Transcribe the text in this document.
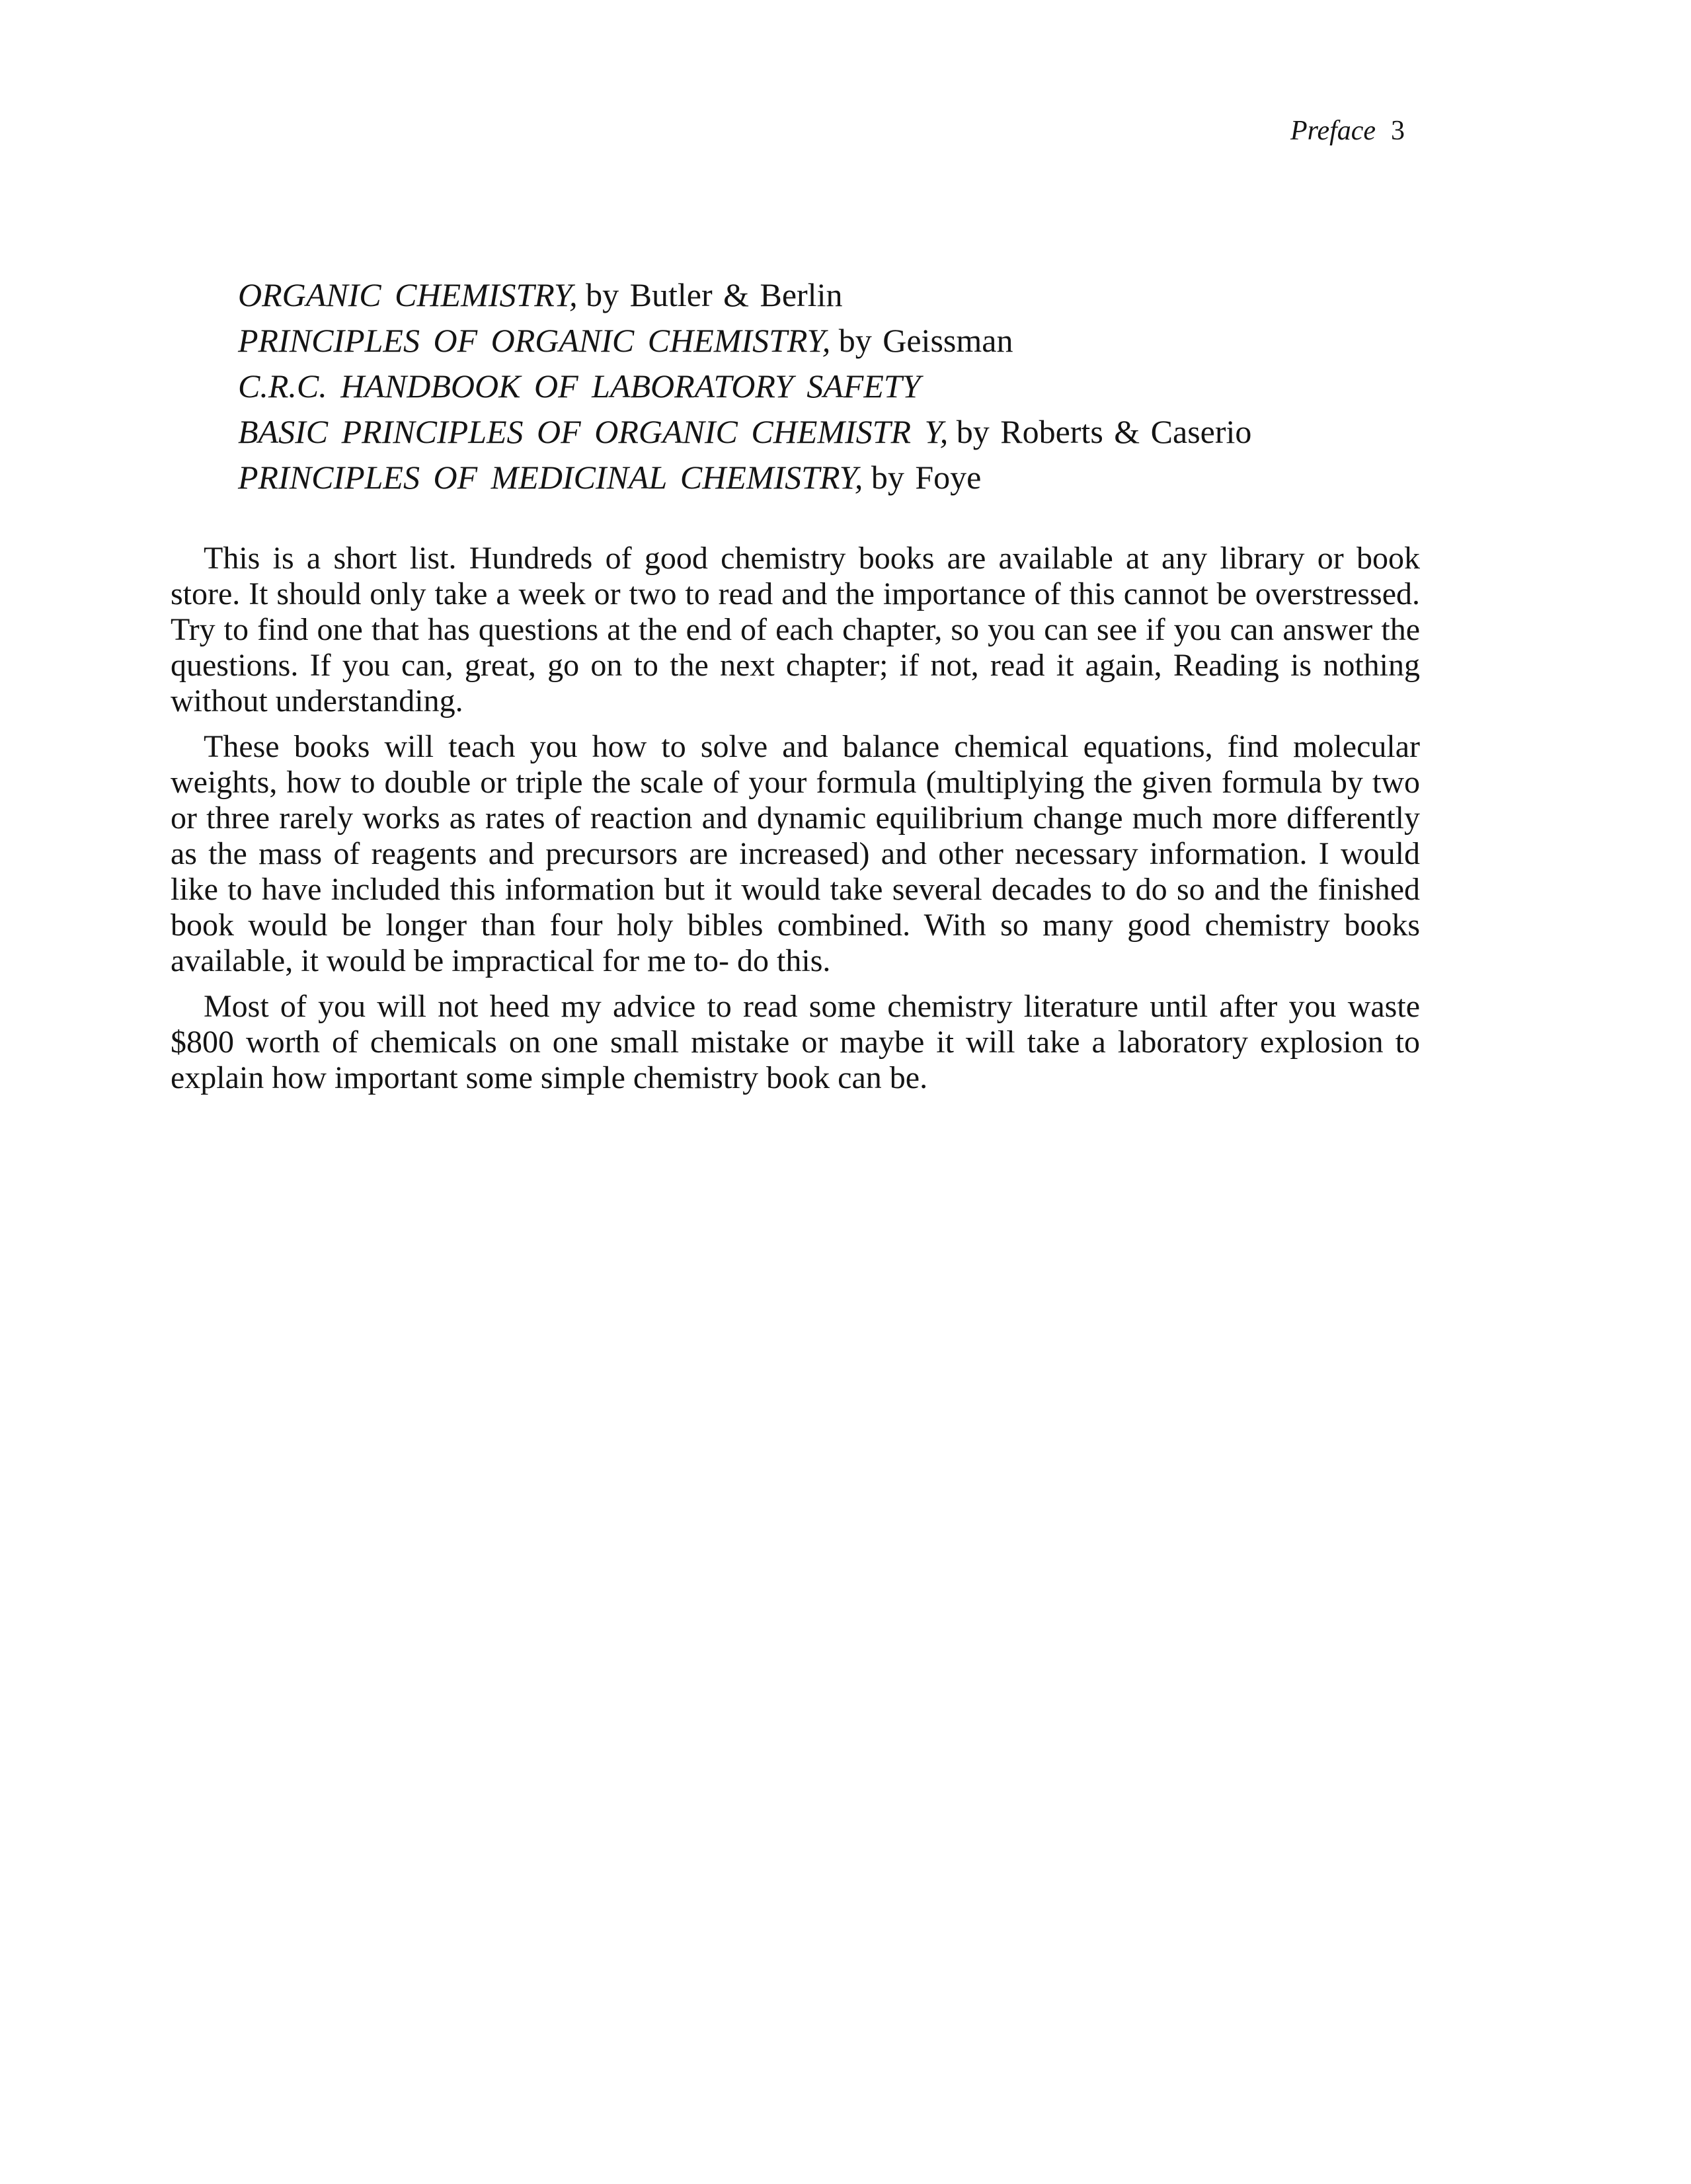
Preface 3
ORGANIC CHEMISTRY, by Butler & Berlin
PRINCIPLES OF ORGANIC CHEMISTRY, by Geissman
C.R.C. HANDBOOK OF LABORATORY SAFETY
BASIC PRINCIPLES OF ORGANIC CHEMISTR Y, by Roberts & Caserio
PRINCIPLES OF MEDICINAL CHEMISTRY, by Foye

This is a short list. Hundreds of good chemistry books are available at any library or book store. It should only take a week or two to read and the importance of this cannot be overstressed. Try to find one that has questions at the end of each chapter, so you can see if you can answer the questions. If you can, great, go on to the next chapter; if not, read it again, Reading is nothing without understanding.

These books will teach you how to solve and balance chemical equations, find molecular weights, how to double or triple the scale of your formula (multiplying the given formula by two or three rarely works as rates of reaction and dynamic equilibrium change much more differently as the mass of reagents and precursors are increased) and other necessary information. I would like to have included this information but it would take several decades to do so and the finished book would be longer than four holy bibles combined. With so many good chemistry books available, it would be impractical for me to- do this.

Most of you will not heed my advice to read some chemistry literature until after you waste $800 worth of chemicals on one small mistake or maybe it will take a laboratory explosion to explain how important some simple chemistry book can be.
